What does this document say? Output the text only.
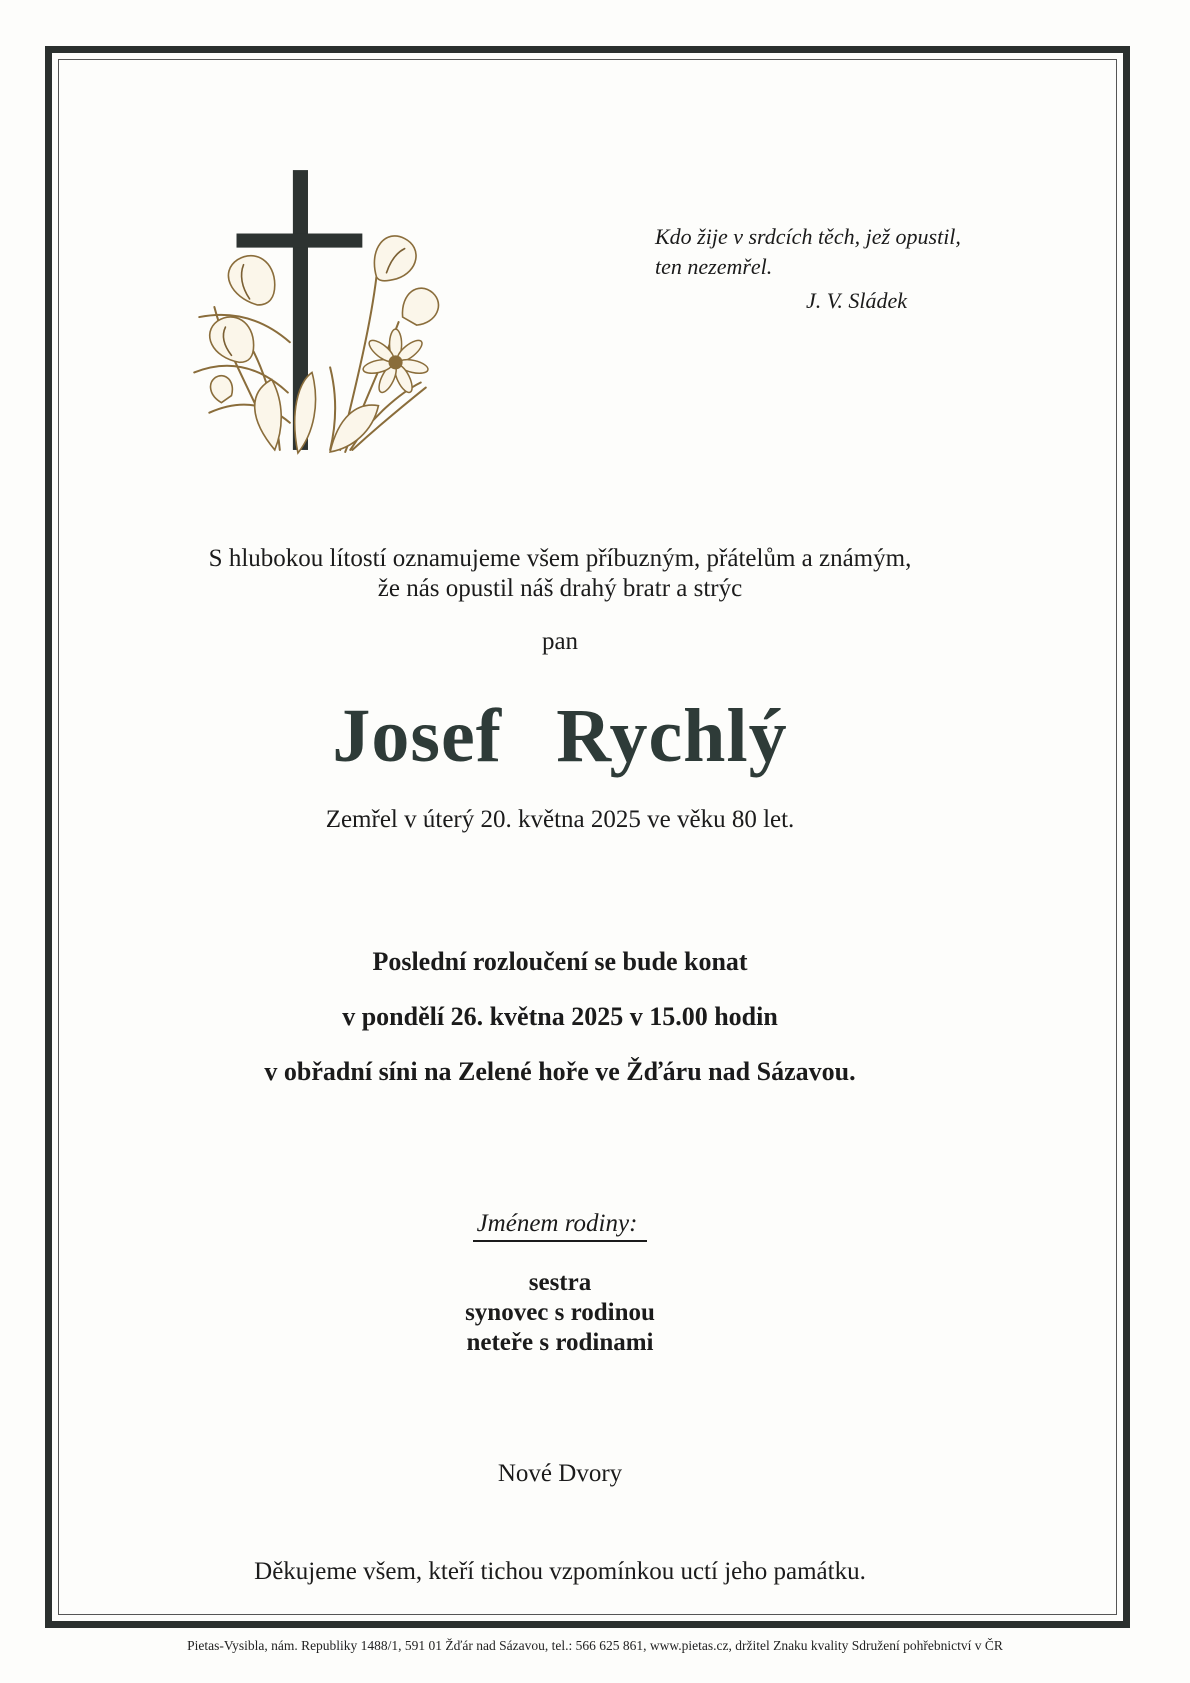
Kdo žije v srdcích těch, jež opustil,
ten nezemřel.
J. V. Sládek
S hlubokou lítostí oznamujeme všem příbuzným, přátelům a známým,
že nás opustil náš drahý bratr a strýc
pan
Josef Rychlý
Zemřel v úterý 20. května 2025 ve věku 80 let.
Poslední rozloučení se bude konat
v pondělí 26. května 2025 v 15.00 hodin
v obřadní síni na Zelené hoře ve Žďáru nad Sázavou.
Jménem rodiny:
sestra
synovec s rodinou
neteře s rodinami
Nové Dvory
Děkujeme všem, kteří tichou vzpomínkou uctí jeho památku.
Pietas-Vysibla, nám. Republiky 1488/1, 591 01 Žďár nad Sázavou, tel.: 566 625 861, www.pietas.cz, držitel Znaku kvality Sdružení pohřebnictví v ČR
